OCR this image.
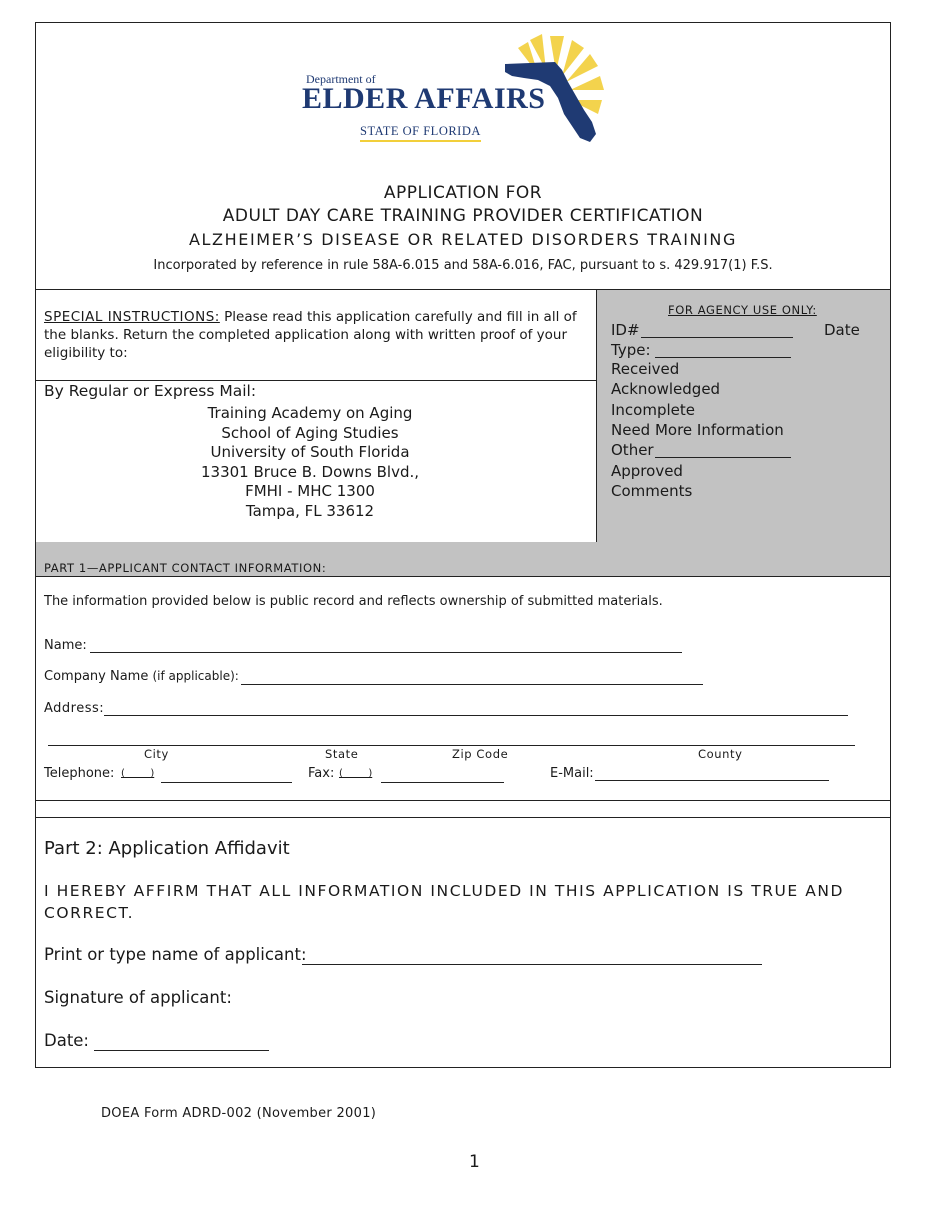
Department of
ELDER AFFAIRS
STATE OF FLORIDA
APPLICATION FOR
ADULT DAY CARE TRAINING PROVIDER CERTIFICATION
ALZHEIMER’S DISEASE OR RELATED DISORDERS TRAINING
Incorporated by reference in rule 58A-6.015 and 58A-6.016, FAC, pursuant to s. 429.917(1) F.S.
SPECIAL INSTRUCTIONS: Please read this application carefully and fill in all of the blanks. Return the completed application along with written proof of your eligibility to:
By Regular or Express Mail:
Training Academy on Aging
School of Aging Studies
University of South Florida
13301 Bruce B. Downs Blvd.,
FMHI - MHC 1300
Tampa, FL 33612
FOR AGENCY USE ONLY:
ID#	Date
Type:
Received
Acknowledged
Incomplete
Need More Information
Other
Approved
Comments
PART 1—APPLICANT CONTACT INFORMATION:
The information provided below is public record and reflects ownership of submitted materials.
Name:
Company Name (if applicable):
Address:
City	State	Zip Code	County
Telephone: (        )	Fax: (        )	E-Mail:
Part 2: Application Affidavit
I HEREBY AFFIRM THAT ALL INFORMATION INCLUDED IN THIS APPLICATION IS TRUE AND CORRECT.
Print or type name of applicant:
Signature of applicant:
Date:
DOEA Form ADRD-002 (November 2001)
1
